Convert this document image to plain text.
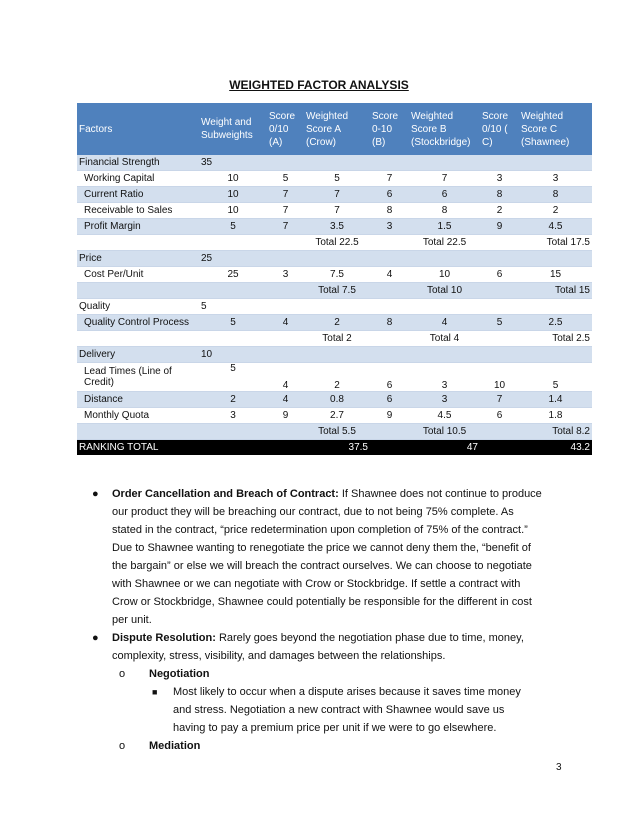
WEIGHTED FACTOR ANALYSIS
Factors	Weight and Subweights	Score 0/10 (A)	Weighted Score A (Crow)	Score 0-10 (B)	Weighted Score B (Stockbridge)	Score 0/10 ( C)	Weighted Score C (Shawnee)
Financial Strength	35						
Working Capital	10	5	5	7	7	3	3
Current Ratio	10	7	7	6	6	8	8
Receivable to Sales	10	7	7	8	8	2	2
Profit Margin	5	7	3.5	3	1.5	9	4.5
			Total 22.5		Total 22.5		Total 17.5
Price	25						
Cost Per/Unit	25	3	7.5	4	10	6	15
			Total 7.5		Total 10		Total 15
Quality	5						
Quality Control Process	5	4	2	8	4	5	2.5
			Total 2		Total 4		Total 2.5
Delivery	10						
Lead Times (Line of Credit)	5	4	2	6	3	10	5
Distance	2	4	0.8	6	3	7	1.4
Monthly Quota	3	9	2.7	9	4.5	6	1.8
			Total 5.5		Total 10.5		Total 8.2
RANKING TOTAL			37.5		47		43.2
● Order Cancellation and Breach of Contract: If Shawnee does not continue to produce
our product they will be breaching our contract, due to not being 75% complete. As
stated in the contract, “price redetermination upon completion of 75% of the contract.”
Due to Shawnee wanting to renegotiate the price we cannot deny them the, “benefit of
the bargain” or else we will breach the contract ourselves. We can choose to negotiate
with Shawnee or we can negotiate with Crow or Stockbridge. If settle a contract with
Crow or Stockbridge, Shawnee could potentially be responsible for the different in cost
per unit.
● Dispute Resolution: Rarely goes beyond the negotiation phase due to time, money,
complexity, stress, visibility, and damages between the relationships.
o Negotiation
■ Most likely to occur when a dispute arises because it saves time money
and stress. Negotiation a new contract with Shawnee would save us
having to pay a premium price per unit if we were to go elsewhere.
o Mediation
3
